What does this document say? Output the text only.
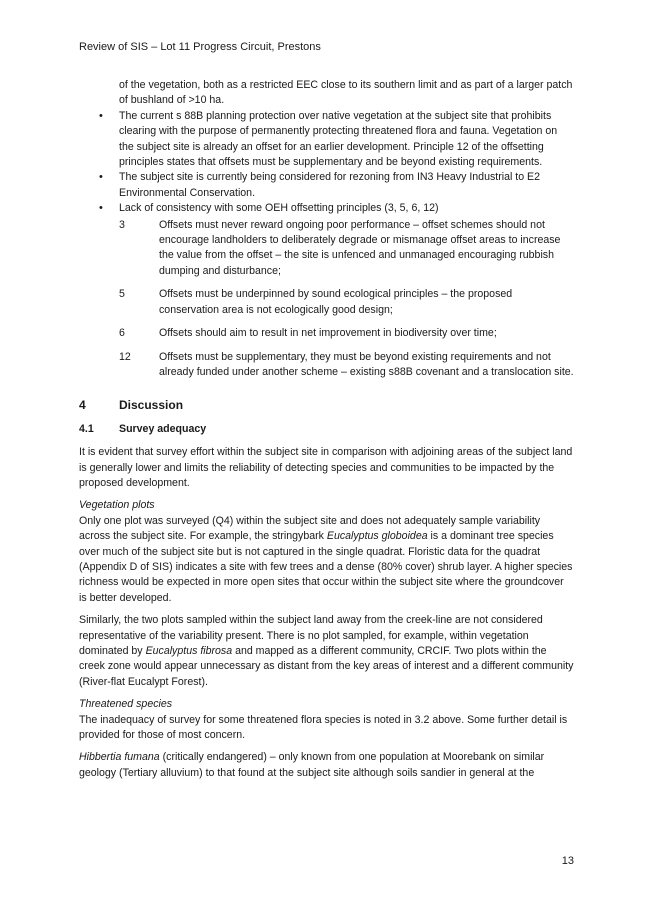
Review of SIS – Lot 11 Progress Circuit, Prestons
of the vegetation, both as a restricted EEC close to its southern limit and as part of a larger patch of bushland of >10 ha.
• The current s 88B planning protection over native vegetation at the subject site that prohibits clearing with the purpose of permanently protecting threatened flora and fauna. Vegetation on the subject site is already an offset for an earlier development. Principle 12 of the offsetting principles states that offsets must be supplementary and be beyond existing requirements.
• The subject site is currently being considered for rezoning from IN3 Heavy Industrial to E2 Environmental Conservation.
• Lack of consistency with some OEH offsetting principles (3, 5, 6, 12)
3	Offsets must never reward ongoing poor performance – offset schemes should not encourage landholders to deliberately degrade or mismanage offset areas to increase the value from the offset – the site is unfenced and unmanaged encouraging rubbish dumping and disturbance;
5	Offsets must be underpinned by sound ecological principles – the proposed conservation area is not ecologically good design;
6	Offsets should aim to result in net improvement in biodiversity over time;
12	Offsets must be supplementary, they must be beyond existing requirements and not already funded under another scheme – existing s88B covenant and a translocation site.
4	Discussion
4.1	Survey adequacy

It is evident that survey effort within the subject site in comparison with adjoining areas of the subject land is generally lower and limits the reliability of detecting species and communities to be impacted by the proposed development.

Vegetation plots

Only one plot was surveyed (Q4) within the subject site and does not adequately sample variability across the subject site. For example, the stringybark Eucalyptus globoidea is a dominant tree species over much of the subject site but is not captured in the single quadrat. Floristic data for the quadrat (Appendix D of SIS) indicates a site with few trees and a dense (80% cover) shrub layer. A higher species richness would be expected in more open sites that occur within the subject site where the groundcover is better developed.

Similarly, the two plots sampled within the subject land away from the creek-line are not considered representative of the variability present. There is no plot sampled, for example, within vegetation dominated by Eucalyptus fibrosa and mapped as a different community, CRCIF. Two plots within the creek zone would appear unnecessary as distant from the key areas of interest and a different community (River-flat Eucalypt Forest).

Threatened species

The inadequacy of survey for some threatened flora species is noted in 3.2 above. Some further detail is provided for those of most concern.

Hibbertia fumana (critically endangered) – only known from one population at Moorebank on similar geology (Tertiary alluvium) to that found at the subject site although soils sandier in general at the

13
